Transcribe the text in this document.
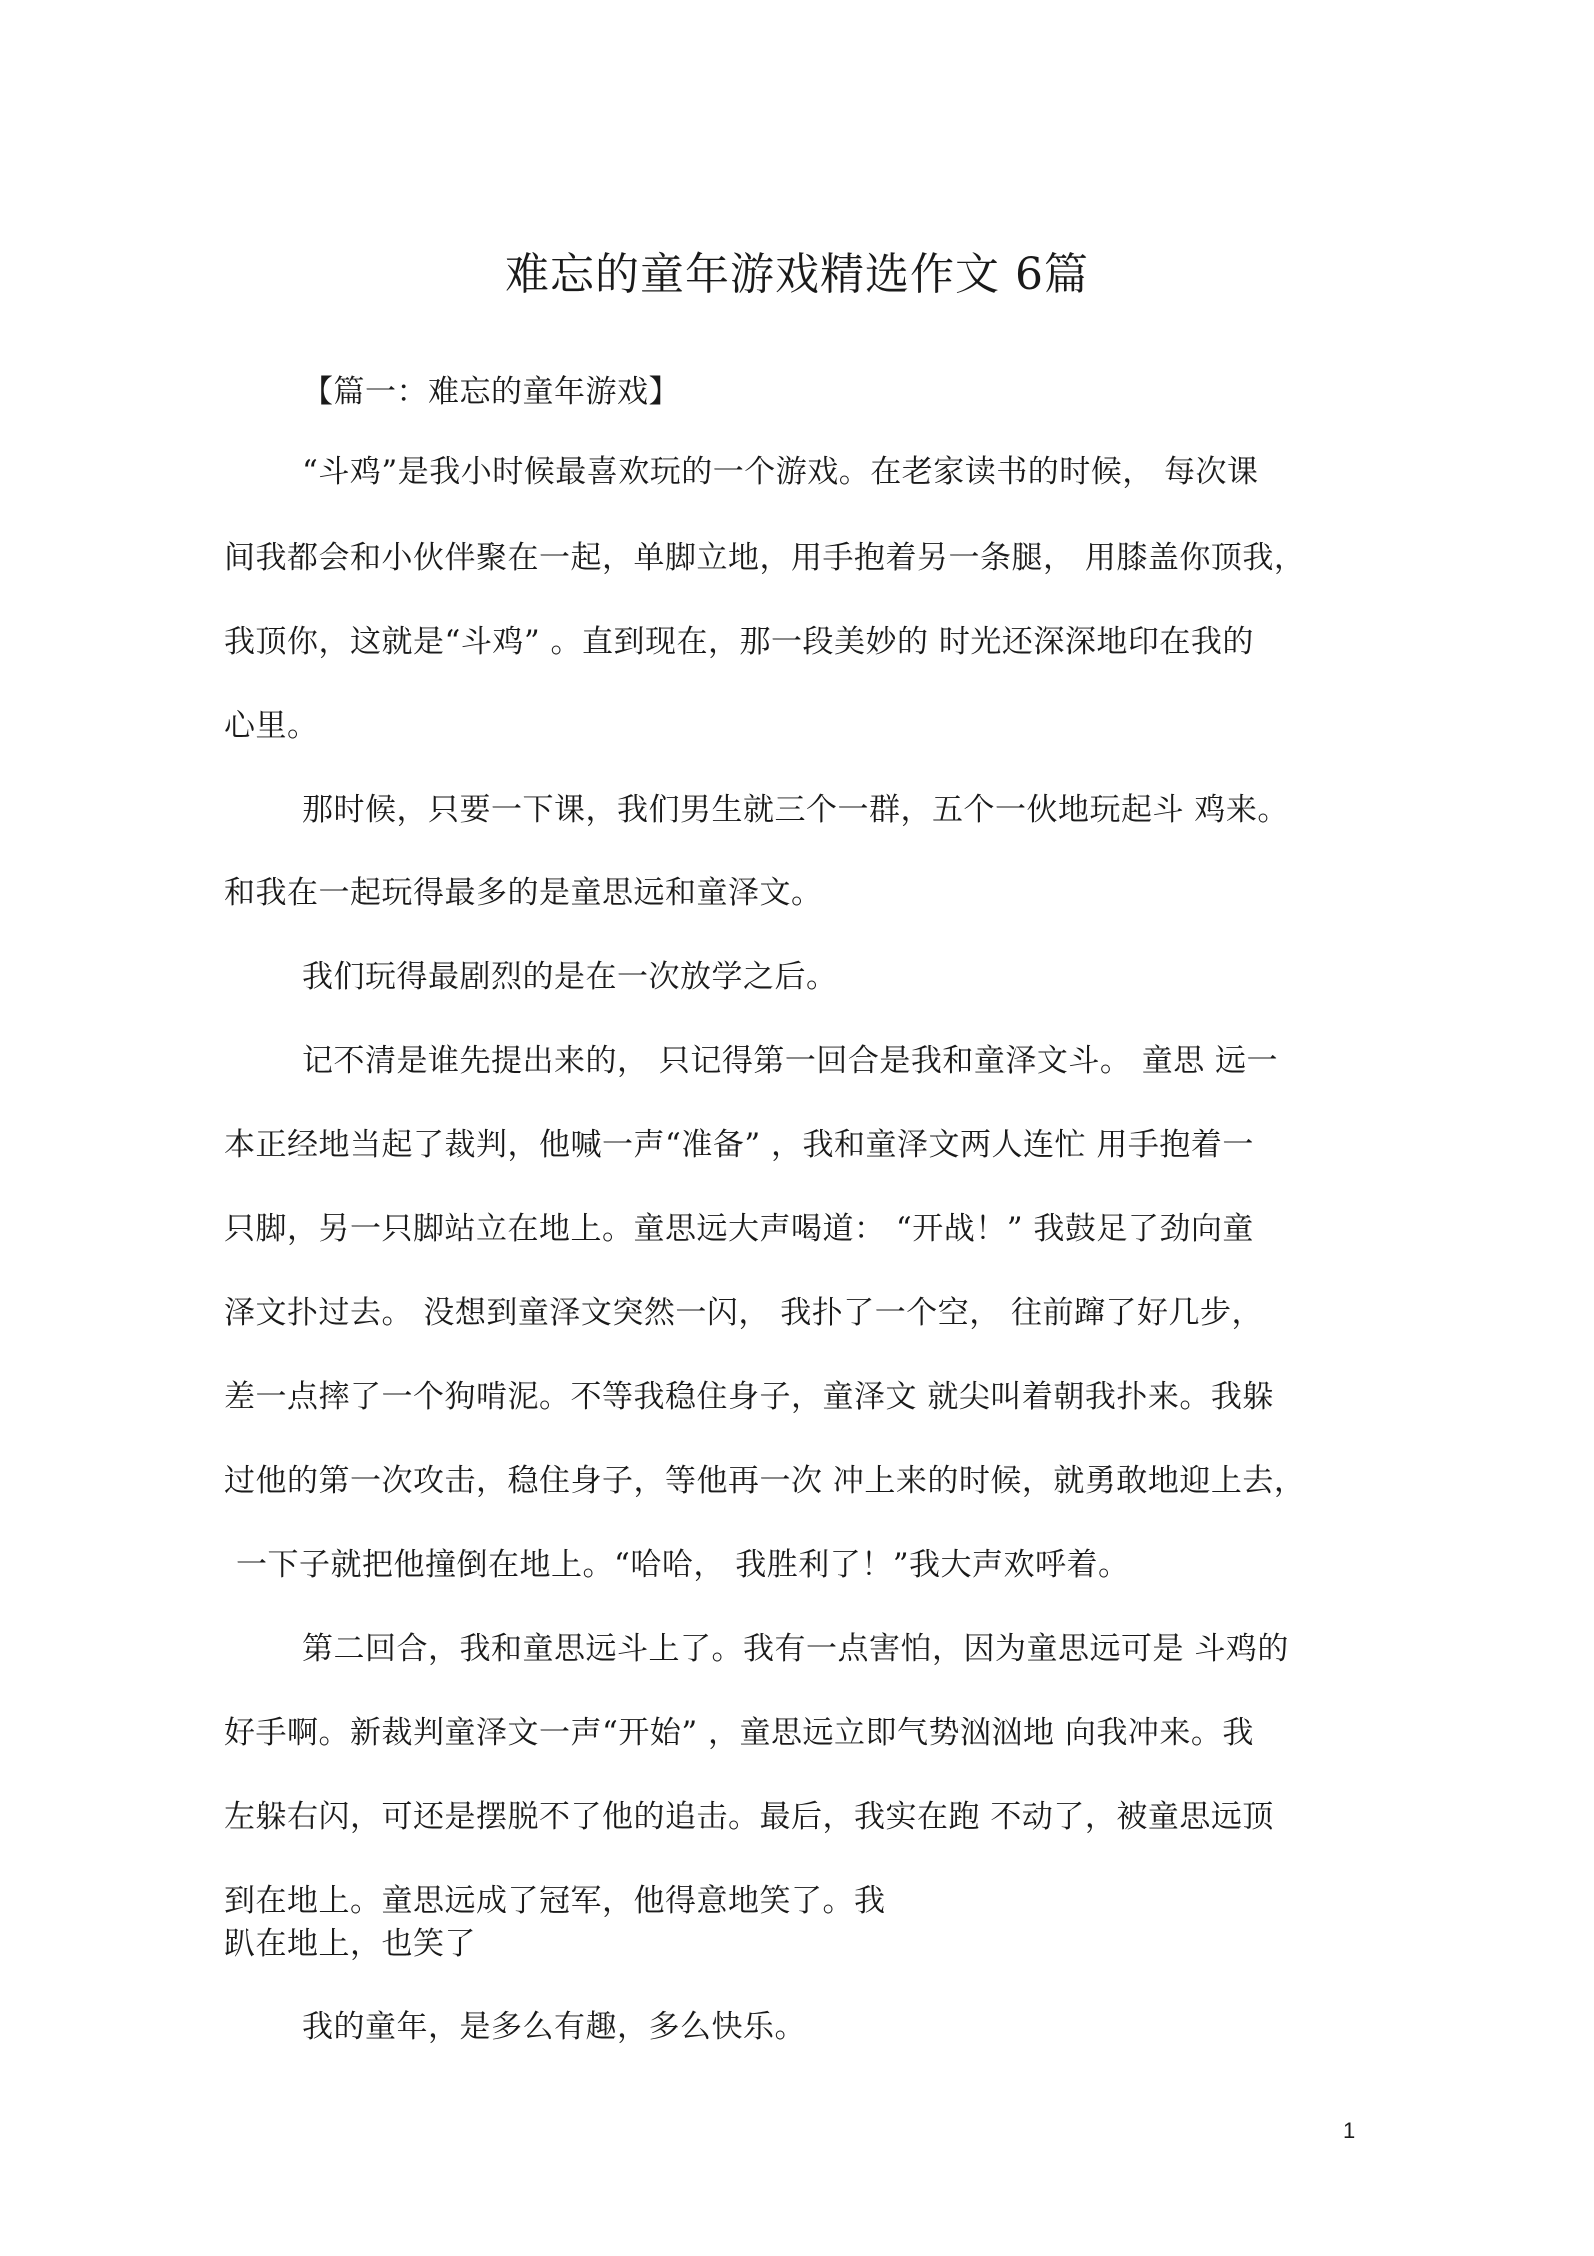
难忘的童年游戏精选作文 6篇
【篇一：难忘的童年游戏】
“斗鸡”是我小时候最喜欢玩的一个游戏。在老家读书的时候， 每次课
间我都会和小伙伴聚在一起，单脚立地，用手抱着另一条腿， 用膝盖你顶我，
我顶你，这就是“斗鸡” 。直到现在，那一段美妙的 时光还深深地印在我的
心里。
那时候，只要一下课，我们男生就三个一群，五个一伙地玩起斗 鸡来。
和我在一起玩得最多的是童思远和童泽文。
我们玩得最剧烈的是在一次放学之后。
记不清是谁先提出来的， 只记得第一回合是我和童泽文斗。 童思 远一
本正经地当起了裁判，他喊一声“准备” ，我和童泽文两人连忙 用手抱着一
只脚，另一只脚站立在地上。童思远大声喝道： “开战！” 我鼓足了劲向童
泽文扑过去。 没想到童泽文突然一闪， 我扑了一个空， 往前蹿了好几步，
差一点摔了一个狗啃泥。不等我稳住身子，童泽文 就尖叫着朝我扑来。我躲
过他的第一次攻击，稳住身子，等他再一次 冲上来的时候，就勇敢地迎上去，
一下子就把他撞倒在地上。“哈哈， 我胜利了！”我大声欢呼着。
第二回合，我和童思远斗上了。我有一点害怕，因为童思远可是 斗鸡的
好手啊。新裁判童泽文一声“开始” ，童思远立即气势汹汹地 向我冲来。我
左躲右闪，可还是摆脱不了他的追击。最后，我实在跑 不动了，被童思远顶
到在地上。童思远成了冠军，他得意地笑了。我
趴在地上，也笑了
我的童年，是多么有趣，多么快乐。
1
